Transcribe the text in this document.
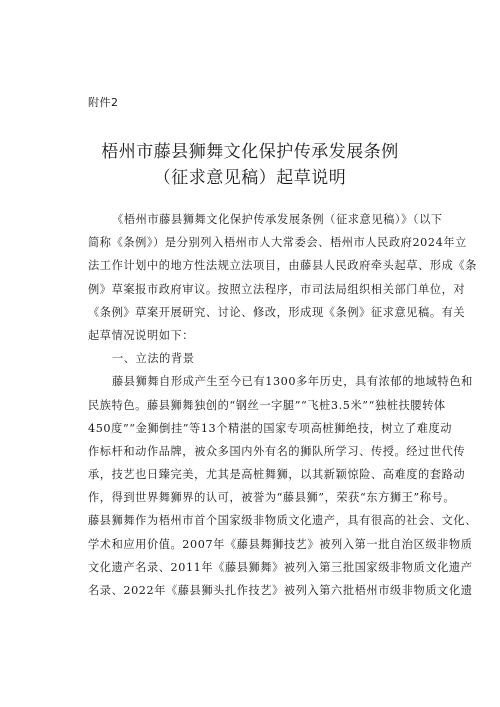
附件2
梧州市藤县狮舞文化保护传承发展条例
（征求意见稿）起草说明
《梧州市藤县狮舞文化保护传承发展条例（征求意见稿）》（以下
简称《条例》）是分别列入梧州市人大常委会、梧州市人民政府2024年立
法工作计划中的地方性法规立法项目，由藤县人民政府牵头起草、形成《条
例》草案报市政府审议。按照立法程序，市司法局组织相关部门单位，对
《条例》草案开展研究、讨论、修改，形成现《条例》征求意见稿。有关
起草情况说明如下：
一、立法的背景
藤县狮舞自形成产生至今已有1300多年历史，具有浓郁的地域特色和
民族特色。藤县狮舞独创的“钢丝一字腿”“飞桩3.5米”“独桩扶腰转体
450度”“金狮倒挂”等13个精湛的国家专项高桩狮绝技，树立了难度动
作标杆和动作品牌，被众多国内外有名的狮队所学习、传授。经过世代传
承，技艺也日臻完美，尤其是高桩舞狮，以其新颖惊险、高难度的套路动
作，得到世界舞狮界的认可，被誉为“藤县狮”，荣获“东方狮王”称号。
藤县狮舞作为梧州市首个国家级非物质文化遗产，具有很高的社会、文化、
学术和应用价值。2007年《藤县舞狮技艺》被列入第一批自治区级非物质
文化遗产名录、2011年《藤县狮舞》被列入第三批国家级非物质文化遗产
名录、2022年《藤县狮头扎作技艺》被列入第六批梧州市级非物质文化遗
